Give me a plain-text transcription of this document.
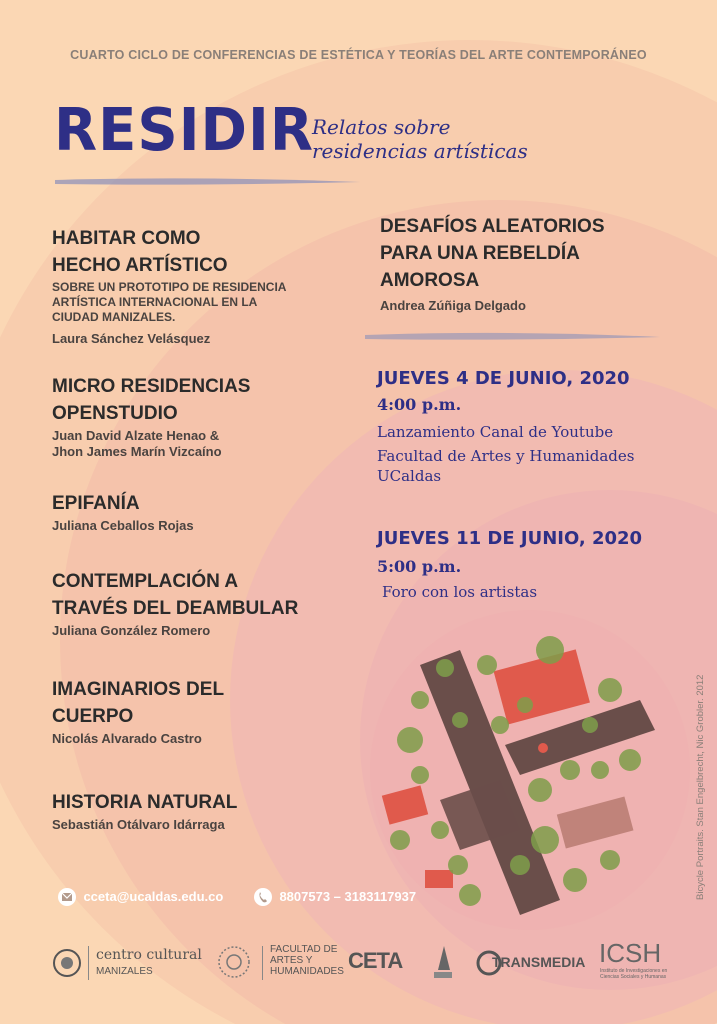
CUARTO CICLO DE CONFERENCIAS DE ESTÉTICA Y TEORÍAS DEL ARTE CONTEMPORÁNEO
RESIDIR
Relatos sobre
residencias artísticas
HABITAR COMO
HECHO ARTÍSTICO
SOBRE UN PROTOTIPO DE RESIDENCIA
ARTÍSTICA INTERNACIONAL EN LA
CIUDAD MANIZALES.
Laura Sánchez Velásquez
MICRO RESIDENCIAS
OPENSTUDIO
Juan David Alzate Henao &
Jhon James Marín Vizcaíno
EPIFANÍA
Juliana Ceballos Rojas
CONTEMPLACIÓN A
TRAVÉS DEL DEAMBULAR
Juliana González Romero
IMAGINARIOS DEL
CUERPO
Nicolás Alvarado Castro
HISTORIA NATURAL
Sebastián Otálvaro Idárraga
DESAFÍOS ALEATORIOS
PARA UNA REBELDÍA
AMOROSA
Andrea Zúñiga Delgado
JUEVES 4 DE JUNIO, 2020
4:00 p.m.
Lanzamiento Canal de Youtube
Facultad de Artes y Humanidades
UCaldas
JUEVES 11 DE JUNIO, 2020
5:00 p.m.
Foro con los artistas
cceta@ucaldas.edu.co	8807573 – 3183117937	Bicycle Portraits. Stan Engelbrecht, Nic Grobler. 2012
centro cultural
MANIZALES
FACULTAD DE
ARTES Y
HUMANIDADES CETA	TRANSMEDIA ICSH
Instituto de Investigaciones en
Ciencias Sociales y Humanas
